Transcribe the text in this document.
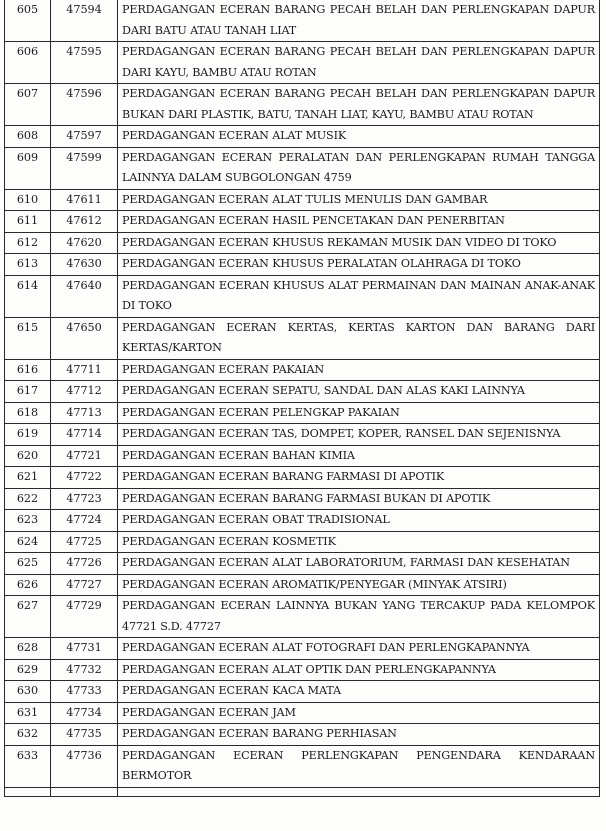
605	47594	PERDAGANGAN ECERAN BARANG PECAH BELAH DAN PERLENGKAPAN DAPUR DARI BATU ATAU TANAH LIAT
606	47595	PERDAGANGAN ECERAN BARANG PECAH BELAH DAN PERLENGKAPAN DAPUR DARI KAYU, BAMBU ATAU ROTAN
607	47596	PERDAGANGAN ECERAN BARANG PECAH BELAH DAN PERLENGKAPAN DAPUR BUKAN DARI PLASTIK, BATU, TANAH LIAT, KAYU, BAMBU ATAU ROTAN
608	47597	PERDAGANGAN ECERAN ALAT MUSIK
609	47599	PERDAGANGAN ECERAN PERALATAN DAN PERLENGKAPAN RUMAH TANGGA LAINNYA DALAM SUBGOLONGAN 4759
610	47611	PERDAGANGAN ECERAN ALAT TULIS MENULIS DAN GAMBAR
611	47612	PERDAGANGAN ECERAN HASIL PENCETAKAN DAN PENERBITAN
612	47620	PERDAGANGAN ECERAN KHUSUS REKAMAN MUSIK DAN VIDEO DI TOKO
613	47630	PERDAGANGAN ECERAN KHUSUS PERALATAN OLAHRAGA DI TOKO
614	47640	PERDAGANGAN ECERAN KHUSUS ALAT PERMAINAN DAN MAINAN ANAK-ANAK DI TOKO
615	47650	PERDAGANGAN ECERAN KERTAS, KERTAS KARTON DAN BARANG DARI KERTAS/KARTON
616	47711	PERDAGANGAN ECERAN PAKAIAN
617	47712	PERDAGANGAN ECERAN SEPATU, SANDAL DAN ALAS KAKI LAINNYA
618	47713	PERDAGANGAN ECERAN PELENGKAP PAKAIAN
619	47714	PERDAGANGAN ECERAN TAS, DOMPET, KOPER, RANSEL DAN SEJENISNYA
620	47721	PERDAGANGAN ECERAN BAHAN KIMIA
621	47722	PERDAGANGAN ECERAN BARANG FARMASI DI APOTIK
622	47723	PERDAGANGAN ECERAN BARANG FARMASI BUKAN DI APOTIK
623	47724	PERDAGANGAN ECERAN OBAT TRADISIONAL
624	47725	PERDAGANGAN ECERAN KOSMETIK
625	47726	PERDAGANGAN ECERAN ALAT LABORATORIUM, FARMASI DAN KESEHATAN
626	47727	PERDAGANGAN ECERAN AROMATIK/PENYEGAR (MINYAK ATSIRI)
627	47729	PERDAGANGAN ECERAN LAINNYA BUKAN YANG TERCAKUP PADA KELOMPOK 47721 S.D. 47727
628	47731	PERDAGANGAN ECERAN ALAT FOTOGRAFI DAN PERLENGKAPANNYA
629	47732	PERDAGANGAN ECERAN ALAT OPTIK DAN PERLENGKAPANNYA
630	47733	PERDAGANGAN ECERAN KACA MATA
631	47734	PERDAGANGAN ECERAN JAM
632	47735	PERDAGANGAN ECERAN BARANG PERHIASAN
633	47736	PERDAGANGAN ECERAN PERLENGKAPAN PENGENDARA KENDARAAN BERMOTOR
